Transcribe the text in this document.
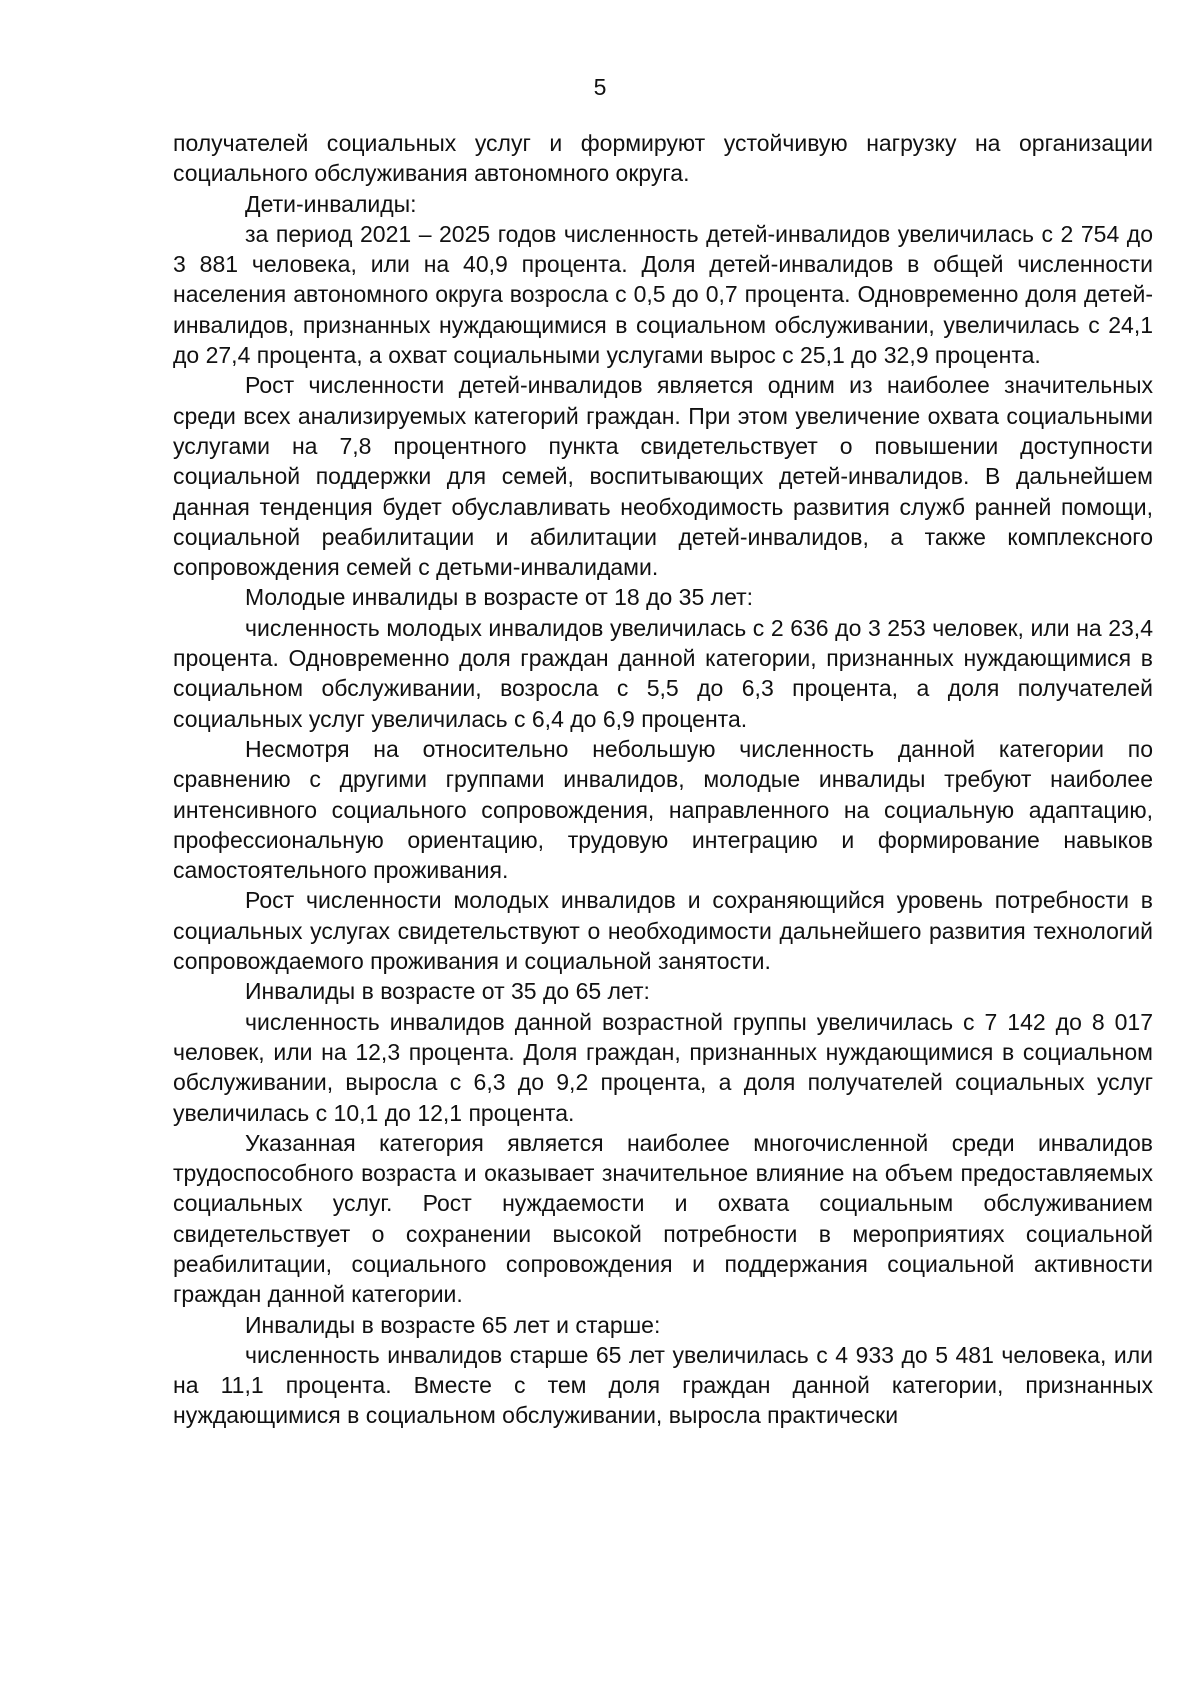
5

получателей социальных услуг и формируют устойчивую нагрузку на организации социального обслуживания автономного округа.

Дети-инвалиды:

за период 2021 – 2025 годов численность детей-инвалидов увеличилась с 2 754 до 3 881 человека, или на 40,9 процента. Доля детей-инвалидов в общей численности населения автономного округа возросла с 0,5 до 0,7 процента. Одновременно доля детей-инвалидов, признанных нуждающимися в социальном обслуживании, увеличилась с 24,1 до 27,4 процента, а охват социальными услугами вырос с 25,1 до 32,9 процента.

Рост численности детей-инвалидов является одним из наиболее значительных среди всех анализируемых категорий граждан. При этом увеличение охвата социальными услугами на 7,8 процентного пункта свидетельствует о повышении доступности социальной поддержки для семей, воспитывающих детей-инвалидов. В дальнейшем данная тенденция будет обуславливать необходимость развития служб ранней помощи, социальной реабилитации и абилитации детей-инвалидов, а также комплексного сопровождения семей с детьми-инвалидами.

Молодые инвалиды в возрасте от 18 до 35 лет:

численность молодых инвалидов увеличилась с 2 636 до 3 253 человек, или на 23,4 процента. Одновременно доля граждан данной категории, признанных нуждающимися в социальном обслуживании, возросла с 5,5 до 6,3 процента, а доля получателей социальных услуг увеличилась с 6,4 до 6,9 процента.

Несмотря на относительно небольшую численность данной категории по сравнению с другими группами инвалидов, молодые инвалиды требуют наиболее интенсивного социального сопровождения, направленного на социальную адаптацию, профессиональную ориентацию, трудовую интеграцию и формирование навыков самостоятельного проживания.

Рост численности молодых инвалидов и сохраняющийся уровень потребности в социальных услугах свидетельствуют о необходимости дальнейшего развития технологий сопровождаемого проживания и социальной занятости.

Инвалиды в возрасте от 35 до 65 лет:

численность инвалидов данной возрастной группы увеличилась с 7 142 до 8 017 человек, или на 12,3 процента. Доля граждан, признанных нуждающимися в социальном обслуживании, выросла с 6,3 до 9,2 процента, а доля получателей социальных услуг увеличилась с 10,1 до 12,1 процента.

Указанная категория является наиболее многочисленной среди инвалидов трудоспособного возраста и оказывает значительное влияние на объем предоставляемых социальных услуг. Рост нуждаемости и охвата социальным обслуживанием свидетельствует о сохранении высокой потребности в мероприятиях социальной реабилитации, социального сопровождения и поддержания социальной активности граждан данной категории.

Инвалиды в возрасте 65 лет и старше:

численность инвалидов старше 65 лет увеличилась с 4 933 до 5 481 человека, или на 11,1 процента. Вместе с тем доля граждан данной категории, признанных нуждающимися в социальном обслуживании, выросла практически
